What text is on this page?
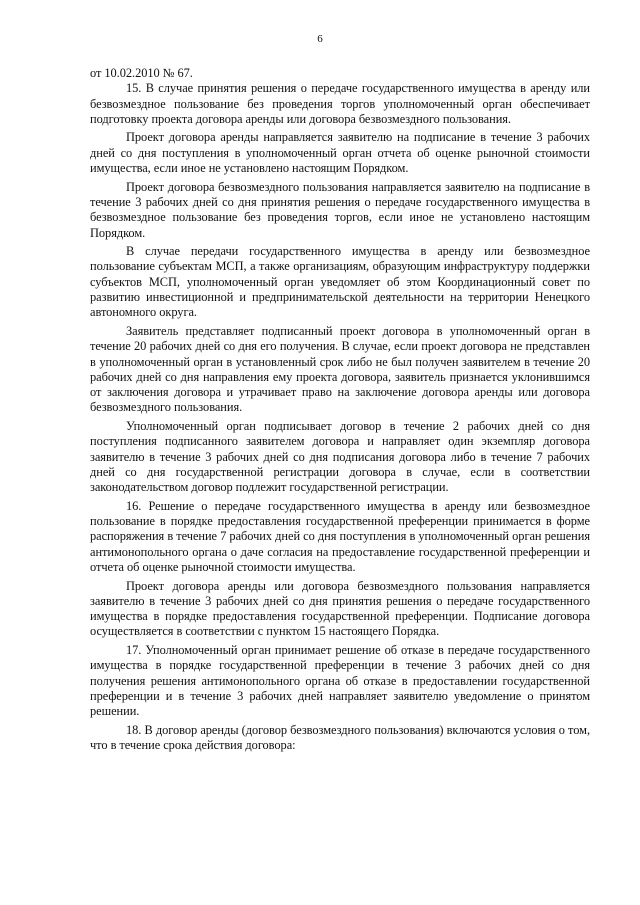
6

от 10.02.2010 № 67.

15. В случае принятия решения о передаче государственного имущества в аренду или безвозмездное пользование без проведения торгов уполномоченный орган обеспечивает подготовку проекта договора аренды или договора безвозмездного пользования.

Проект договора аренды направляется заявителю на подписание в течение 3 рабочих дней со дня поступления в уполномоченный орган отчета об оценке рыночной стоимости имущества, если иное не установлено настоящим Порядком.

Проект договора безвозмездного пользования направляется заявителю на подписание в течение 3 рабочих дней со дня принятия решения о передаче государственного имущества в безвозмездное пользование без проведения торгов, если иное не установлено настоящим Порядком.

В случае передачи государственного имущества в аренду или безвозмездное пользование субъектам МСП, а также организациям, образующим инфраструктуру поддержки субъектов МСП, уполномоченный орган уведомляет об этом Координационный совет по развитию инвестиционной и предпринимательской деятельности на территории Ненецкого автономного округа.

Заявитель представляет подписанный проект договора в уполномоченный орган в течение 20 рабочих дней со дня его получения. В случае, если проект договора не представлен в уполномоченный орган в установленный срок либо не был получен заявителем в течение 20 рабочих дней со дня направления ему проекта договора, заявитель признается уклонившимся от заключения договора и утрачивает право на заключение договора аренды или договора безвозмездного пользования.

Уполномоченный орган подписывает договор в течение 2 рабочих дней со дня поступления подписанного заявителем договора и направляет один экземпляр договора заявителю в течение 3 рабочих дней со дня подписания договора либо в течение 7 рабочих дней со дня государственной регистрации договора в случае, если в соответствии законодательством договор подлежит государственной регистрации.

16. Решение о передаче государственного имущества в аренду или безвозмездное пользование в порядке предоставления государственной преференции принимается в форме распоряжения в течение 7 рабочих дней со дня поступления в уполномоченный орган решения антимонопольного органа о даче согласия на предоставление государственной преференции и отчета об оценке рыночной стоимости имущества.

Проект договора аренды или договора безвозмездного пользования направляется заявителю в течение 3 рабочих дней со дня принятия решения о передаче государственного имущества в порядке предоставления государственной преференции. Подписание договора осуществляется в соответствии с пунктом 15 настоящего Порядка.

17. Уполномоченный орган принимает решение об отказе в передаче государственного имущества в порядке государственной преференции в течение 3 рабочих дней со дня получения решения антимонопольного органа об отказе в предоставлении государственной преференции и в течение 3 рабочих дней направляет заявителю уведомление о принятом решении.

18. В договор аренды (договор безвозмездного пользования) включаются условия о том, что в течение срока действия договора:
